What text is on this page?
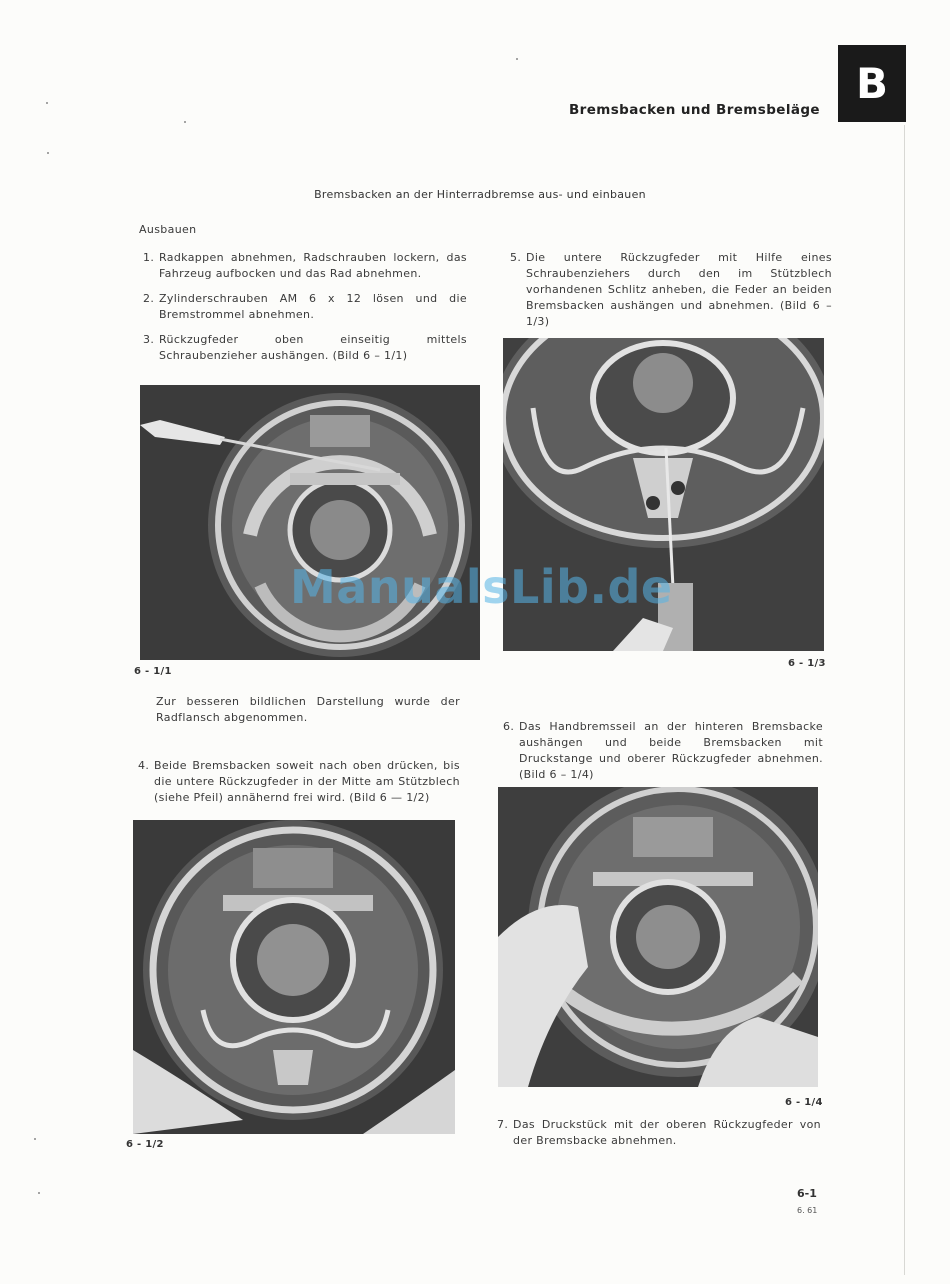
B
Bremsbacken und Bremsbeläge
Bremsbacken an der Hinterradbremse aus- und einbauen
Ausbauen
1. Radkappen abnehmen, Radschrauben lockern, das Fahrzeug aufbocken und das Rad abnehmen.
2. Zylinderschrauben AM 6 x 12 lösen und die Bremstrommel abnehmen.
3. Rückzugfeder oben einseitig mittels Schraubenzieher aushängen. (Bild 6 – 1/1)
5. Die untere Rückzugfeder mit Hilfe eines Schraubenziehers durch den im Stützblech vorhandenen Schlitz anheben, die Feder an beiden Bremsbacken aushängen und abnehmen. (Bild 6 – 1/3)
6 - 1/1
6 - 1/3
Zur besseren bildlichen Darstellung wurde der Radflansch abgenommen.
4. Beide Bremsbacken soweit nach oben drücken, bis die untere Rückzugfeder in der Mitte am Stützblech (siehe Pfeil) annähernd frei wird. (Bild 6 — 1/2)
6. Das Handbremsseil an der hinteren Bremsbacke aushängen und beide Bremsbacken mit Druckstange und oberer Rückzugfeder abnehmen. (Bild 6 – 1/4)
6 - 1/2
6 - 1/4
7. Das Druckstück mit der oberen Rückzugfeder von der Bremsbacke abnehmen.
6-1
6. 61
ManualsLib.de
